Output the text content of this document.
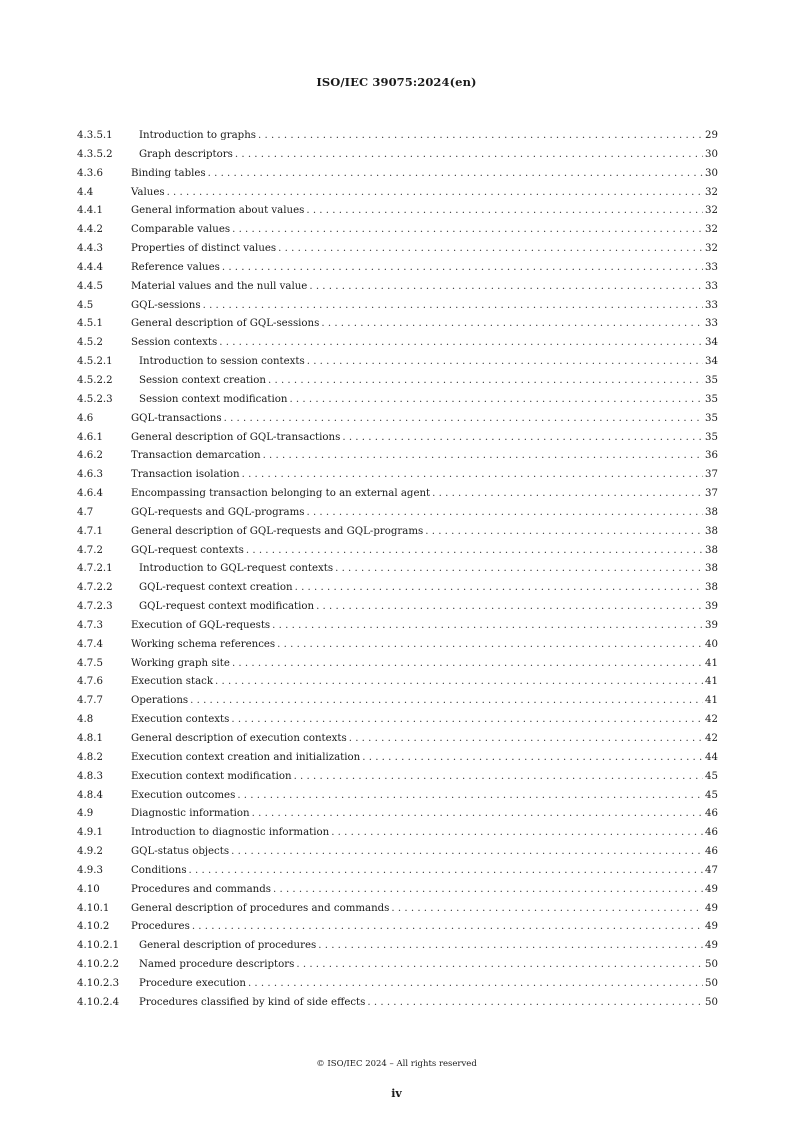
ISO/IEC 39075:2024(en)
4.3.5.1	Introduction to graphs . . .	29
4.3.5.2	Graph descriptors . . .	30
4.3.6	Binding tables . . .	30
4.4	Values . . .	32
4.4.1	General information about values . . .	32
4.4.2	Comparable values . . .	32
4.4.3	Properties of distinct values . . .	32
4.4.4	Reference values . . .	33
4.4.5	Material values and the null value . . .	33
4.5	GQL-sessions . . .	33
4.5.1	General description of GQL-sessions . . .	33
4.5.2	Session contexts . . .	34
4.5.2.1	Introduction to session contexts . . .	34
4.5.2.2	Session context creation . . .	35
4.5.2.3	Session context modification . . .	35
4.6	GQL-transactions . . .	35
4.6.1	General description of GQL-transactions . . .	35
4.6.2	Transaction demarcation . . .	36
4.6.3	Transaction isolation . . .	37
4.6.4	Encompassing transaction belonging to an external agent . . .	37
4.7	GQL-requests and GQL-programs . . .	38
4.7.1	General description of GQL-requests and GQL-programs . . .	38
4.7.2	GQL-request contexts . . .	38
4.7.2.1	Introduction to GQL-request contexts . . .	38
4.7.2.2	GQL-request context creation . . .	38
4.7.2.3	GQL-request context modification . . .	39
4.7.3	Execution of GQL-requests . . .	39
4.7.4	Working schema references . . .	40
4.7.5	Working graph site . . .	41
4.7.6	Execution stack . . .	41
4.7.7	Operations . . .	41
4.8	Execution contexts . . .	42
4.8.1	General description of execution contexts . . .	42
4.8.2	Execution context creation and initialization . . .	44
4.8.3	Execution context modification . . .	45
4.8.4	Execution outcomes . . .	45
4.9	Diagnostic information . . .	46
4.9.1	Introduction to diagnostic information . . .	46
4.9.2	GQL-status objects . . .	46
4.9.3	Conditions . . .	47
4.10	Procedures and commands . . .	49
4.10.1	General description of procedures and commands . . .	49
4.10.2	Procedures . . .	49
4.10.2.1	General description of procedures . . .	49
4.10.2.2	Named procedure descriptors . . .	50
4.10.2.3	Procedure execution . . .	50
4.10.2.4	Procedures classified by kind of side effects . . .	50
© ISO/IEC 2024 – All rights reserved
iv
